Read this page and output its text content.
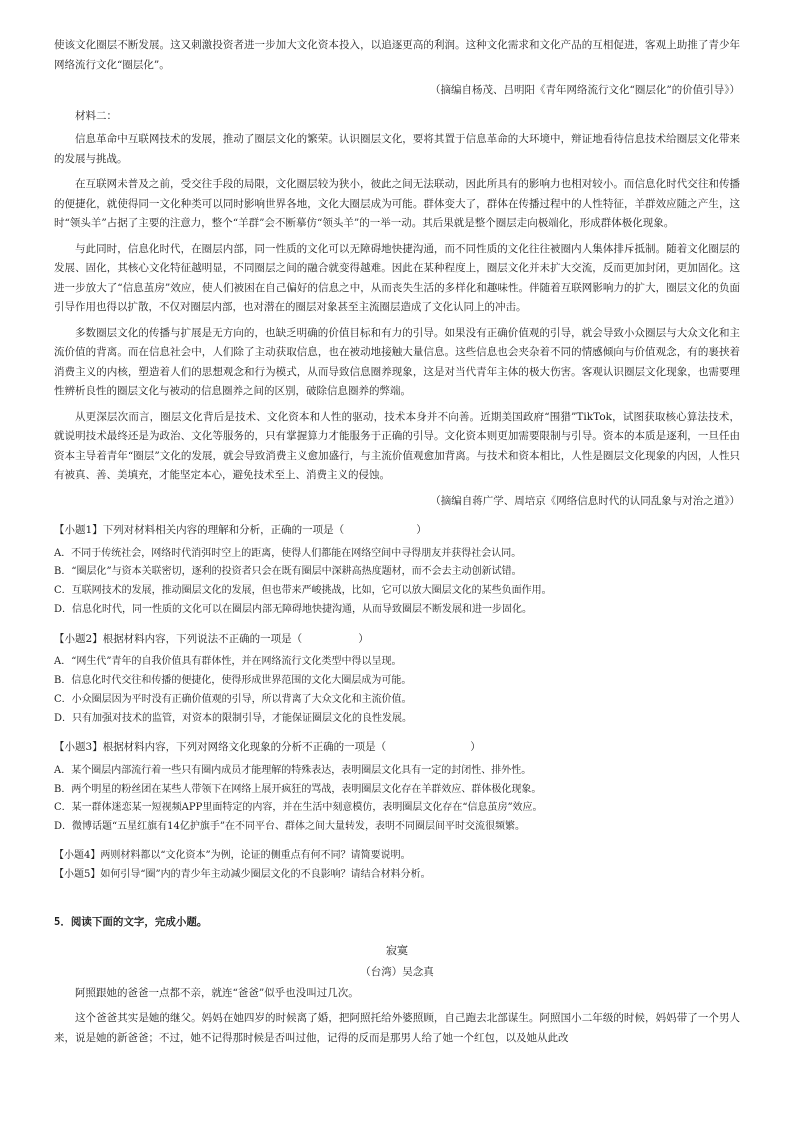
使该文化圈层不断发展。这又刺激投资者进一步加大文化资本投入，以追逐更高的利润。这种文化需求和文化产品的互相促进，客观上助推了青少年网络流行文化“圈层化”。

（摘编自杨茂、吕明阳《青年网络流行文化“圈层化”的价值引导》）

材料二：

信息革命中互联网技术的发展，推动了圈层文化的繁荣。认识圈层文化，要将其置于信息革命的大环境中，辩证地看待信息技术给圈层文化带来的发展与挑战。

在互联网未普及之前，受交往手段的局限，文化圈层较为狭小，彼此之间无法联动，因此所具有的影响力也相对较小。而信息化时代交往和传播的便捷化，就使得同一文化种类可以同时影响世界各地，文化大圈层成为可能。群体变大了，群体在传播过程中的人性特征，羊群效应随之产生，这时“领头羊”占据了主要的注意力，整个“羊群”会不断摹仿“领头羊”的一举一动。其后果就是整个圈层走向极端化，形成群体极化现象。

与此同时，信息化时代，在圈层内部，同一性质的文化可以无障碍地快捷沟通，而不同性质的文化往往被圈内人集体排斥抵制。随着文化圈层的发展、固化，其核心文化特征越明显，不同圈层之间的融合就变得越难。因此在某种程度上，圈层文化并未扩大交流，反而更加封闭，更加固化。这进一步放大了“信息茧房”效应，使人们被困在自己偏好的信息之中，从而丧失生活的多样化和趣味性。伴随着互联网影响力的扩大，圈层文化的负面引导作用也得以扩散，不仅对圈层内部，也对潜在的圈层对象甚至主流圈层造成了文化认同上的冲击。

多数圈层文化的传播与扩展是无方向的，也缺乏明确的价值目标和有力的引导。如果没有正确价值观的引导，就会导致小众圈层与大众文化和主流价值的背离。而在信息社会中，人们除了主动获取信息，也在被动地接触大量信息。这些信息也会夹杂着不同的情感倾向与价值观念，有的裹挟着消费主义的内核，塑造着人们的思想观念和行为模式，从而导致信息圈养现象，这是对当代青年主体的极大伤害。客观认识圈层文化现象，也需要理性辨析良性的圈层文化与被动的信息圈养之间的区别，破除信息圈养的弊端。

从更深层次而言，圈层文化背后是技术、文化资本和人性的驱动，技术本身并不向善。近期美国政府“围猎”TikTok，试图获取核心算法技术，就说明技术最终还是为政治、文化等服务的，只有掌握算力才能服务于正确的引导。文化资本则更加需要限制与引导。资本的本质是逐利，一旦任由资本主导着青年“圈层”文化的发展，就会导致消费主义愈加盛行，与主流价值观愈加背离。与技术和资本相比，人性是圈层文化现象的内因，人性只有被真、善、美填充，才能坚定本心，避免技术至上、消费主义的侵蚀。

（摘编自蒋广学、周培京《网络信息时代的认同乱象与对治之道》）

【小题1】下列对材料相关内容的理解和分析，正确的一项是（	）

A．不同于传统社会，网络时代消弭时空上的距离，使得人们都能在网络空间中寻得朋友并获得社会认同。

B．“圈层化”与资本关联密切，逐利的投资者只会在既有圈层中深耕高热度题材，而不会去主动创新试错。

C．互联网技术的发展，推动圈层文化的发展，但也带来严峻挑战，比如，它可以放大圈层文化的某些负面作用。

D．信息化时代，同一性质的文化可以在圈层内部无障碍地快捷沟通，从而导致圈层不断发展和进一步固化。

【小题2】根据材料内容，下列说法不正确的一项是（	）

A．“网生代”青年的自我价值具有群体性，并在网络流行文化类型中得以呈现。

B．信息化时代交往和传播的便捷化，使得形成世界范围的文化大圈层成为可能。

C．小众圈层因为平时没有正确价值观的引导，所以背离了大众文化和主流价值。

D．只有加强对技术的监管，对资本的限制引导，才能保证圈层文化的良性发展。

【小题3】根据材料内容，下列对网络文化现象的分析不正确的一项是（	）

A．某个圈层内部流行着一些只有圈内成员才能理解的特殊表达，表明圈层文化具有一定的封闭性、排外性。

B．两个明星的粉丝团在某些人带领下在网络上展开疯狂的骂战，表明圈层文化存在羊群效应、群体极化现象。

C．某一群体迷恋某一短视频APP里面特定的内容，并在生活中刻意模仿，表明圈层文化存在“信息茧房”效应。

D．微博话题“五星红旗有14亿护旗手”在不同平台、群体之间大量转发，表明不同圈层间平时交流很频繁。

【小题4】两则材料都以“文化资本”为例，论证的侧重点有何不同？请简要说明。

【小题5】如何引导“圈”内的青少年主动减少圈层文化的不良影响？请结合材料分析。

5．阅读下面的文字，完成小题。

寂寞

（台湾）吴念真

阿照跟她的爸爸一点都不亲，就连“爸爸”似乎也没叫过几次。

这个爸爸其实是她的继父。妈妈在她四岁的时候离了婚，把阿照托给外婆照顾，自己跑去北部谋生。阿照国小二年级的时候，妈妈带了一个男人来，说是她的新爸爸；不过，她不记得那时候是否叫过他，记得的反而是那男人给了她一个红包，以及她从此改
